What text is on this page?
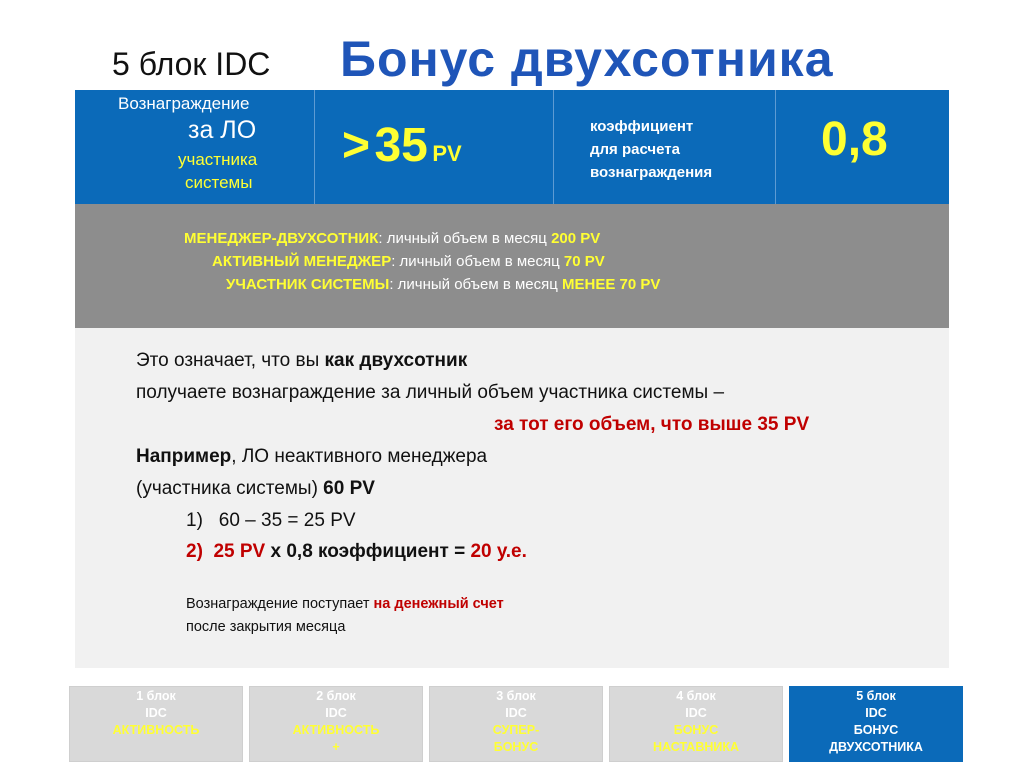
5 блок IDC Бонус двухсотника
Вознаграждение
за ЛО
участника
системы
> 35 PV
коэффициент
для расчета
вознаграждения
0,8
МЕНЕДЖЕР-ДВУХСОТНИК: личный объем в месяц 200 PV
АКТИВНЫЙ МЕНЕДЖЕР: личный объем в месяц 70 PV
УЧАСТНИК СИСТЕМЫ: личный объем в месяц МЕНЕЕ 70 PV
Это означает, что вы как двухсотник
получаете вознаграждение за личный объем участника системы –
за тот его объем, что выше 35 PV
Например, ЛО неактивного менеджера
(участника системы) 60 PV
1) 60 – 35 = 25 PV
2) 25 PV х 0,8 коэффициент = 20 у.е.
Вознаграждение поступает на денежный счет
после закрытия месяца
1 блок
IDC
АКТИВНОСТЬ
2 блок
IDC
АКТИВНОСТЬ
+
3 блок
IDC
СУПЕР-
БОНУС
4 блок
IDC
БОНУС
НАСТАВНИКА
5 блок
IDC
БОНУС
ДВУХСОТНИКА
